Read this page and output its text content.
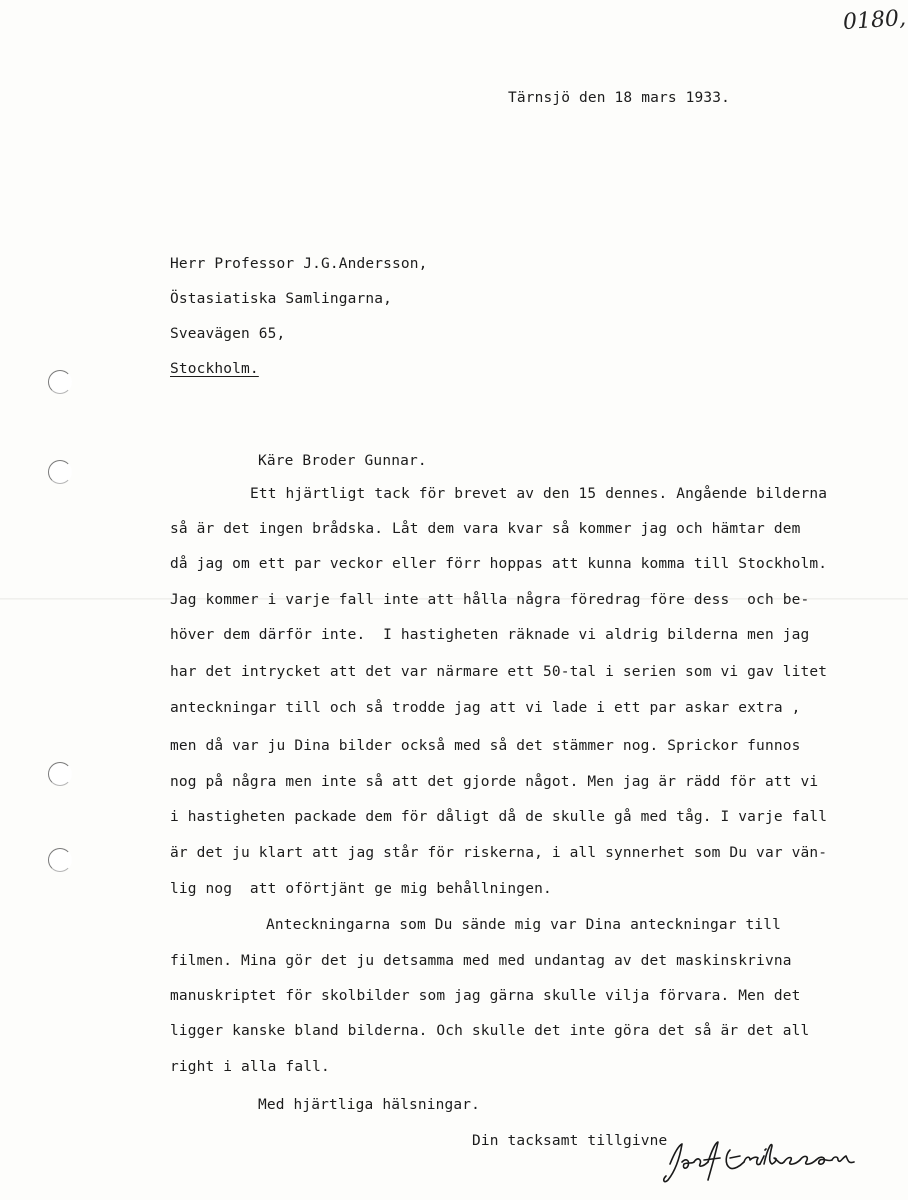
0180,
Tärnsjö den 18 mars 1933.
Herr Professor J.G.Andersson,
Östasiatiska Samlingarna,
Sveavägen 65,
Stockholm.
Käre Broder Gunnar.
Ett hjärtligt tack för brevet av den 15 dennes. Angående bilderna
så är det ingen brådska. Låt dem vara kvar så kommer jag och hämtar dem
då jag om ett par veckor eller förr hoppas att kunna komma till Stockholm.
Jag kommer i varje fall inte att hålla några föredrag före dess  och be-
höver dem därför inte.  I hastigheten räknade vi aldrig bilderna men jag
har det intrycket att det var närmare ett 50-tal i serien som vi gav litet
anteckningar till och så trodde jag att vi lade i ett par askar extra ,
men då var ju Dina bilder också med så det stämmer nog. Sprickor funnos
nog på några men inte så att det gjorde något. Men jag är rädd för att vi
i hastigheten packade dem för dåligt då de skulle gå med tåg. I varje fall
är det ju klart att jag står för riskerna, i all synnerhet som Du var vän-
lig nog  att oförtjänt ge mig behållningen.
Anteckningarna som Du sände mig var Dina anteckningar till
filmen. Mina gör det ju detsamma med med undantag av det maskinskrivna
manuskriptet för skolbilder som jag gärna skulle vilja förvara. Men det
ligger kanske bland bilderna. Och skulle det inte göra det så är det all
right i alla fall.
Med hjärtliga hälsningar.
Din tacksamt tillgivne
